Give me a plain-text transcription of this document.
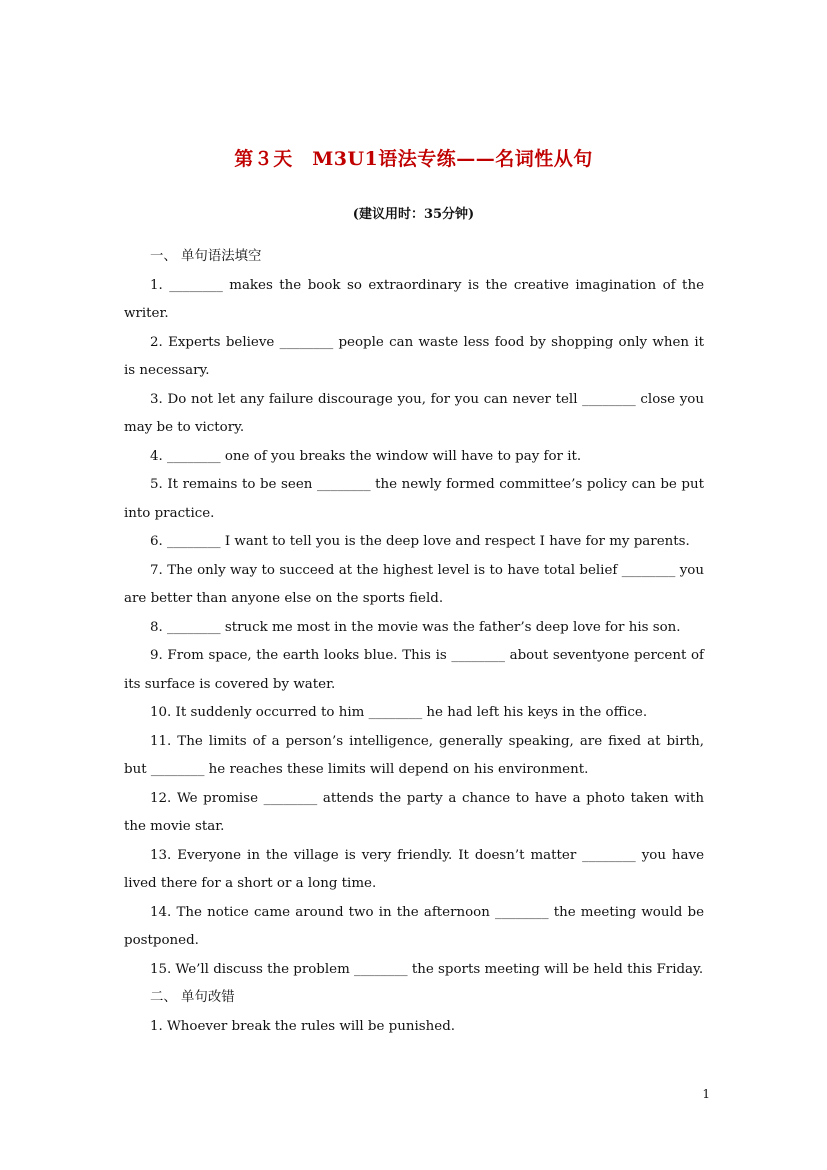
第３天　M3U1语法专练——名词性从句
(建议用时：35分钟)

一、 单句语法填空

1. ________ makes the book so extraordinary is the creative imagination of the writer.

2. Experts believe ________ people can waste less food by shopping only when it is necessary.

3. Do not let any failure discourage you, for you can never tell ________ close you may be to victory.

4. ________ one of you breaks the window will have to pay for it.

5. It remains to be seen ________ the newly formed committee’s policy can be put into practice.

6. ________ I want to tell you is the deep love and respect I have for my parents.

7. The only way to succeed at the highest level is to have total belief ________ you are better than anyone else on the sports field.

8. ________ struck me most in the movie was the father’s deep love for his son.

9. From space, the earth looks blue. This is ________ about seventyone percent of its surface is covered by water.

10. It suddenly occurred to him ________ he had left his keys in the office.

11. The limits of a person’s intelligence, generally speaking, are fixed at birth, but ________ he reaches these limits will depend on his environment.

12. We promise ________ attends the party a chance to have a photo taken with the movie star.

13. Everyone in the village is very friendly. It doesn’t matter ________ you have lived there for a short or a long time.

14. The notice came around two in the afternoon ________ the meeting would be postponed.

15. We’ll discuss the problem ________ the sports meeting will be held this Friday.

二、 单句改错

1. Whoever break the rules will be punished.

1
